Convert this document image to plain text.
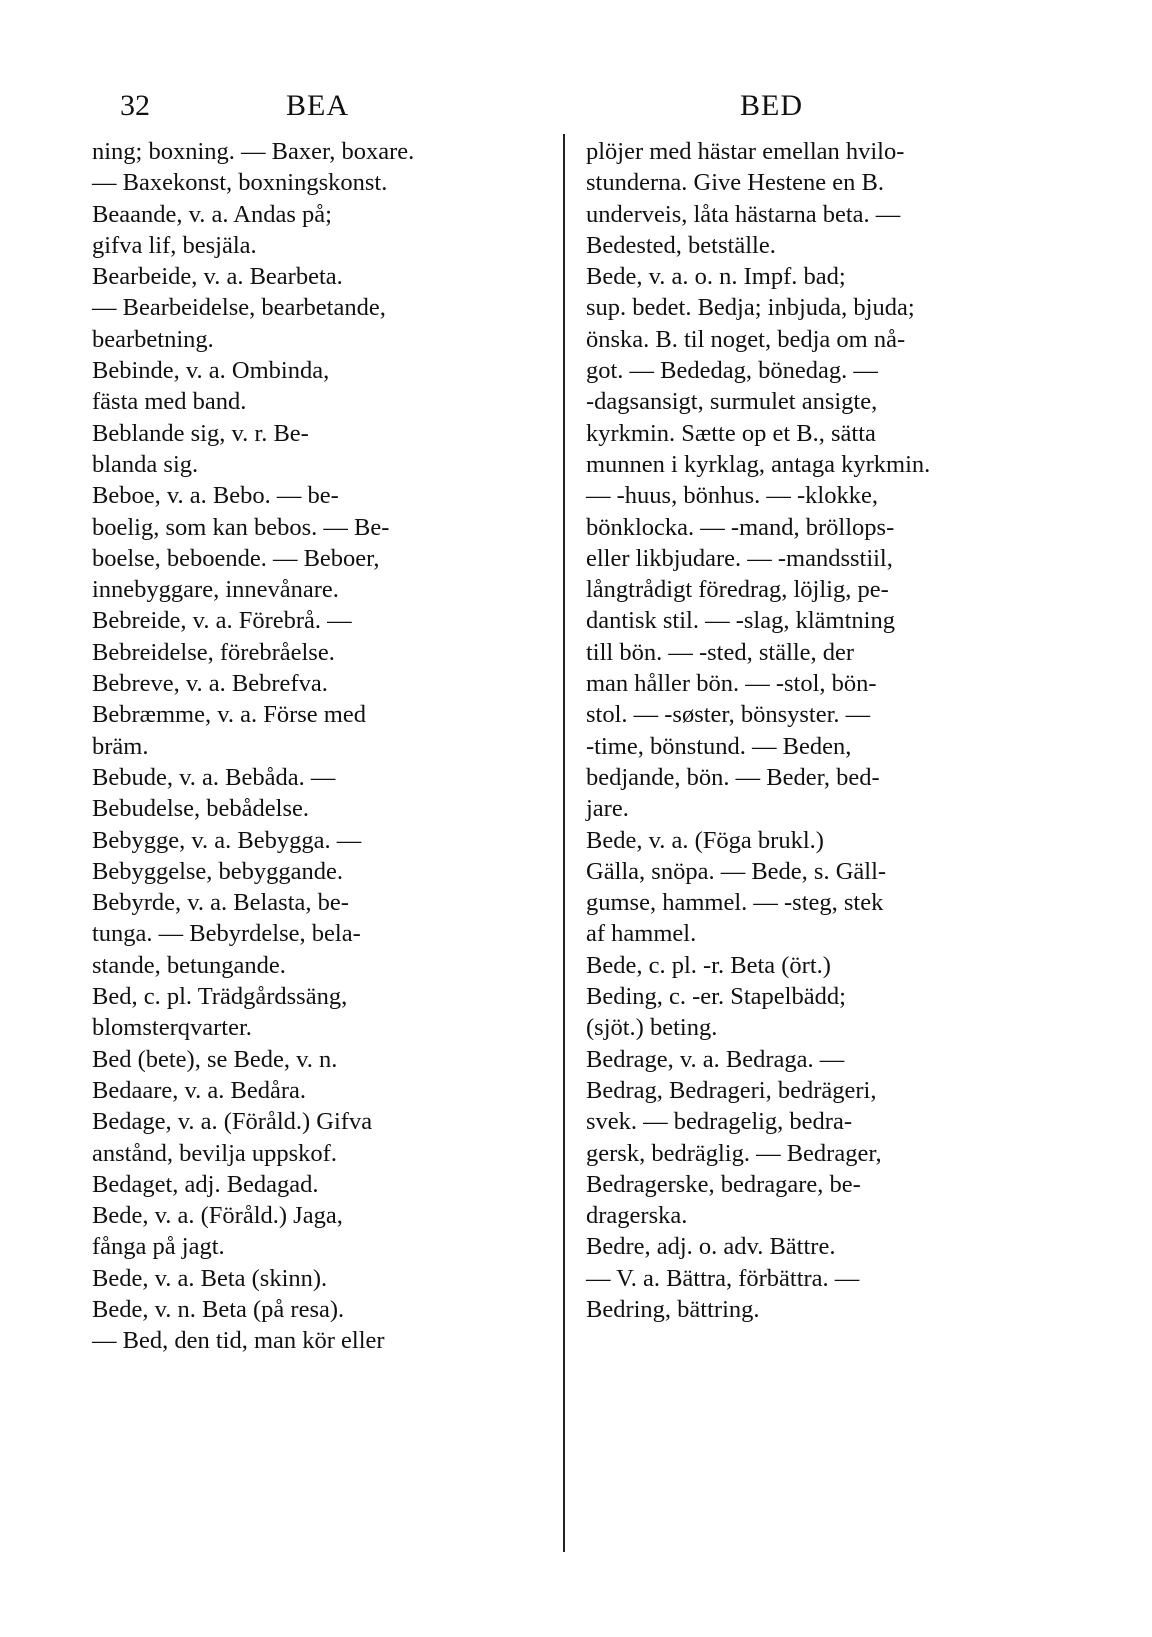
32	BEA	BED
ning; boxning. — Baxer, boxare.
— Baxekonst, boxningskonst.
Beaande, v. a. Andas på;
gifva lif, besjäla.
Bearbeide, v. a. Bearbeta.
— Bearbeidelse, bearbetande,
bearbetning.
Bebinde, v. a. Ombinda,
fästa med band.
Beblande sig, v. r. Be-
blanda sig.
Beboe, v. a. Bebo. — be-
boelig, som kan bebos. — Be-
boelse, beboende. — Beboer,
innebyggare, innevånare.
Bebreide, v. a. Förebrå. —
Bebreidelse, förebråelse.
Bebreve, v. a. Bebrefva.
Bebræmme, v. a. Förse med
bräm.
Bebude, v. a. Bebåda. —
Bebudelse, bebådelse.
Bebygge, v. a. Bebygga. —
Bebyggelse, bebyggande.
Bebyrde, v. a. Belasta, be-
tunga. — Bebyrdelse, bela-
stande, betungande.
Bed, c. pl. Trädgårdssäng,
blomsterqvarter.
Bed (bete), se Bede, v. n.
Bedaare, v. a. Bedåra.
Bedage, v. a. (Föråld.) Gifva
anstånd, bevilja uppskof.
Bedaget, adj. Bedagad.
Bede, v. a. (Föråld.) Jaga,
fånga på jagt.
Bede, v. a. Beta (skinn).
Bede, v. n. Beta (på resa).
— Bed, den tid, man kör eller
plöjer med hästar emellan hvilo-
stunderna. Give Hestene en B.
underveis, låta hästarna beta. —
Bedested, betställe.
Bede, v. a. o. n. Impf. bad;
sup. bedet. Bedja; inbjuda, bjuda;
önska. B. til noget, bedja om nå-
got. — Bededag, bönedag. —
-dagsansigt, surmulet ansigte,
kyrkmin. Sætte op et B., sätta
munnen i kyrklag, antaga kyrkmin.
— -huus, bönhus. — -klokke,
bönklocka. — -mand, bröllops-
eller likbjudare. — -mandsstiil,
långtrådigt föredrag, löjlig, pe-
dantisk stil. — -slag, klämtning
till bön. — -sted, ställe, der
man håller bön. — -stol, bön-
stol. — -søster, bönsyster. —
-time, bönstund. — Beden,
bedjande, bön. — Beder, bed-
jare.
Bede, v. a. (Föga brukl.)
Gälla, snöpa. — Bede, s. Gäll-
gumse, hammel. — -steg, stek
af hammel.
Bede, c. pl. -r. Beta (ört.)
Beding, c. -er. Stapelbädd;
(sjöt.) beting.
Bedrage, v. a. Bedraga. —
Bedrag, Bedrageri, bedrägeri,
svek. — bedragelig, bedra-
gersk, bedräglig. — Bedrager,
Bedragerske, bedragare, be-
dragerska.
Bedre, adj. o. adv. Bättre.
— V. a. Bättra, förbättra. —
Bedring, bättring.
